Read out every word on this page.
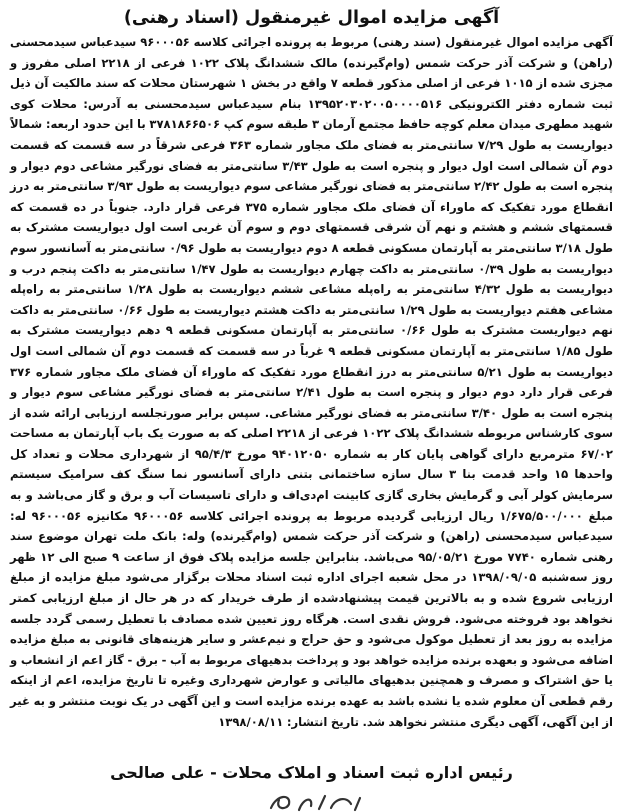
آگهی مزایده اموال غیرمنقول (اسناد رهنی)

آگهی مزایده اموال غیرمنقول (سند رهنی) مربوط به پرونده اجرائی کلاسه ۹۶۰۰۰۵۶ سیدعباس سیدمحسنی (راهن) و شرکت آذر حرکت شمس (وام‌گیرنده) مالک ششدانگ پلاک ۱۰۲۲ فرعی از ۲۲۱۸ اصلی مفروز و مجزی شده از ۱۰۱۵ فرعی از اصلی مذکور قطعه ۷ واقع در بخش ۱ شهرستان محلات که سند مالکیت آن ذیل ثبت شماره دفتر الکترونیکی ۱۳۹۵۲۰۳۰۲۰۰۵۰۰۰۰۵۱۶ بنام سیدعباس سیدمحسنی به آدرس: محلات کوی شهید مطهری میدان معلم کوچه حافظ مجتمع آرمان ۳ طبقه سوم کپ ۳۷۸۱۸۶۶۵۰۶ با این حدود اربعه: شمالاً دیواریست به طول ۷/۲۹ سانتی‌متر به فضای ملک مجاور شماره ۳۶۳ فرعی شرقاً در سه قسمت که قسمت دوم آن شمالی است اول دیوار و پنجره است به طول ۳/۴۳ سانتی‌متر به فضای نورگیر مشاعی دوم دیوار و پنجره است به طول ۲/۴۲ سانتی‌متر به فضای نورگیر مشاعی سوم دیواریست به طول ۳/۹۳ سانتی‌متر به درز انقطاع مورد تفکیک که ماوراء آن فضای ملک مجاور شماره ۳۷۵ فرعی قرار دارد. جنوباً در ده قسمت که قسمتهای ششم و هشتم و نهم آن شرقی قسمتهای دوم و سوم آن غربی است اول دیواریست مشترک به طول ۳/۱۸ سانتی‌متر به آپارتمان مسکونی قطعه ۸ دوم دیواریست به طول ۰/۹۶ سانتی‌متر به آسانسور سوم دیواریست به طول ۰/۳۹ سانتی‌متر به داکت چهارم دیواریست به طول ۱/۴۷ سانتی‌متر به داکت پنجم درب و دیواریست به طول ۴/۳۲ سانتی‌متر به راه‌پله مشاعی ششم دیواریست به طول ۱/۲۸ سانتی‌متر به راه‌پله مشاعی هفتم دیواریست به طول ۱/۲۹ سانتی‌متر به داکت هشتم دیواریست به طول ۰/۶۶ سانتی‌متر به داکت نهم دیواریست مشترک به طول ۰/۶۶ سانتی‌متر به آپارتمان مسکونی قطعه ۹ دهم دیواریست مشترک به طول ۱/۸۵ سانتی‌متر به آپارتمان مسکونی قطعه ۹ غرباً در سه قسمت که قسمت دوم آن شمالی است اول دیواریست به طول ۵/۲۱ سانتی‌متر به درز انقطاع مورد تفکیک که ماوراء آن فضای ملک مجاور شماره ۳۷۶ فرعی قرار دارد دوم دیوار و پنجره است به طول ۲/۴۱ سانتی‌متر به فضای نورگیر مشاعی سوم دیوار و پنجره است به طول ۳/۴۰ سانتی‌متر به فضای نورگیر مشاعی. سپس برابر صورتجلسه ارزیابی ارائه شده از سوی کارشناس مربوطه ششدانگ پلاک ۱۰۲۲ فرعی از ۲۲۱۸ اصلی که به صورت یک باب آپارتمان به مساحت ۶۷/۰۲ مترمربع دارای گواهی پایان کار به شماره ۹۴۰۱۲۰۵۰ مورخ ۹۵/۴/۳ از شهرداری محلات و تعداد کل واحدها ۱۵ واحد قدمت بنا ۳ سال سازه ساختمانی بتنی دارای آسانسور نما سنگ کف سرامیک سیستم سرمایش کولر آبی و گرمایش بخاری گازی کابینت ام‌دی‌اف و دارای تاسیسات آب و برق و گاز می‌باشد و به مبلغ ۱/۶۷۵/۵۰۰/۰۰۰ ریال ارزیابی گردیده مربوط به پرونده اجرائی کلاسه ۹۶۰۰۰۵۶ مکانیزه ۹۶۰۰۰۵۶ له: سیدعباس سیدمحسنی (راهن) و شرکت آذر حرکت شمس (وام‌گیرنده) وله: بانک ملت تهران موضوع سند رهنی شماره ۷۷۴۰ مورخ ۹۵/۰۵/۲۱ می‌باشد. بنابراین جلسه مزایده پلاک فوق از ساعت ۹ صبح الی ۱۲ ظهر روز سه‌شنبه ۱۳۹۸/۰۹/۰۵ در محل شعبه اجرای اداره ثبت اسناد محلات برگزار می‌شود مبلغ مزایده از مبلغ ارزیابی شروع شده و به بالاترین قیمت پیشنهادشده از طرف خریدار که در هر حال از مبلغ ارزیابی کمتر نخواهد بود فروخته می‌شود. فروش نقدی است. هرگاه روز تعیین شده مصادف با تعطیل رسمی گردد جلسه مزایده به روز بعد از تعطیل موکول می‌شود و حق حراج و نیم‌عشر و سایر هزینه‌های قانونی به مبلغ مزایده اضافه می‌شود و بعهده برنده مزایده خواهد بود و پرداخت بدهیهای مربوط به آب - برق - گاز اعم از انشعاب و یا حق اشتراک و مصرف و همچنین بدهیهای مالیاتی و عوارض شهرداری وغیره تا تاریخ مزایده، اعم از اینکه رقم قطعی آن معلوم شده یا نشده باشد به عهده برنده مزایده است و این آگهی در یک نوبت منتشر و به غیر از این آگهی، آگهی دیگری منتشر نخواهد شد. تاریخ انتشار: ۱۳۹۸/۰۸/۱۱

رئیس اداره ثبت اسناد و املاک محلات - علی صالحی
